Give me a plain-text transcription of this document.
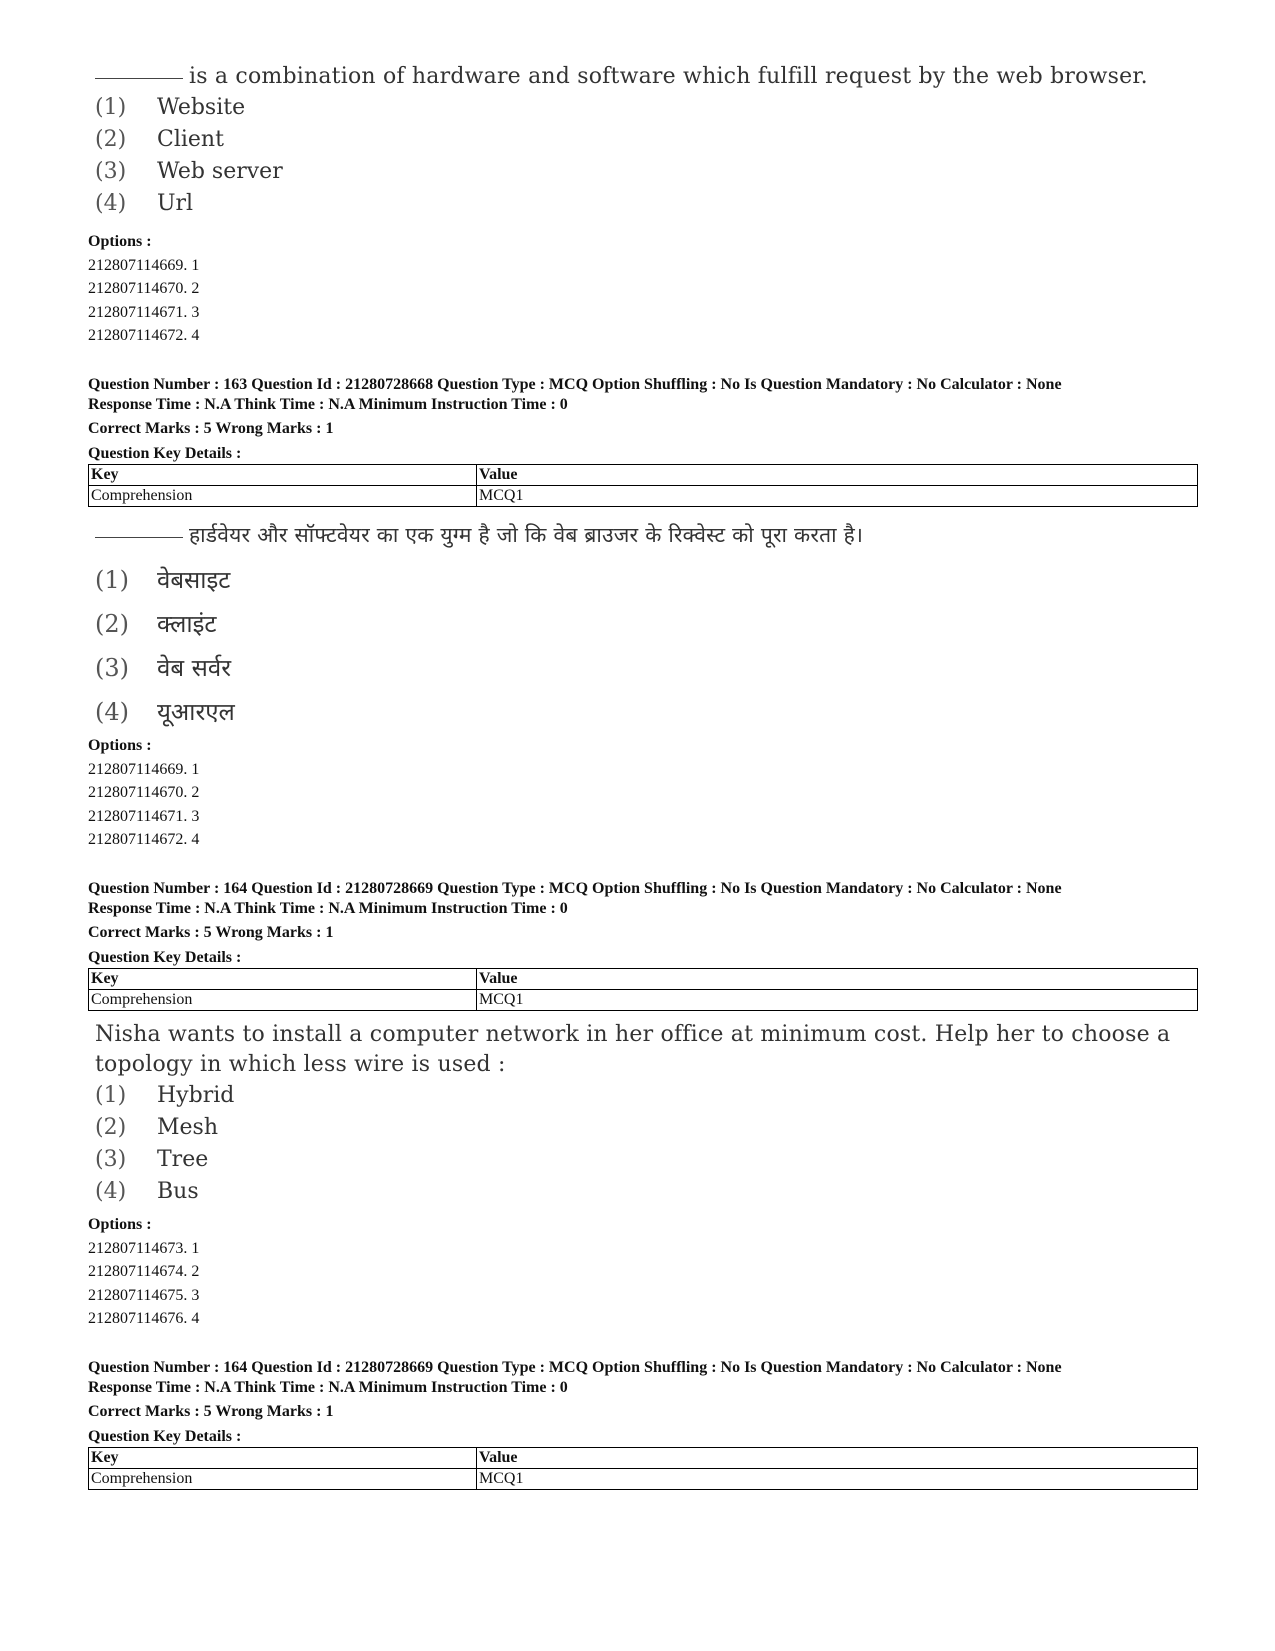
is a combination of hardware and software which fulfill request by the web browser.
(1)	Website
(2)	Client
(3)	Web server
(4)	Url
Options :
212807114669. 1
212807114670. 2
212807114671. 3
212807114672. 4
Question Number : 163 Question Id : 21280728668 Question Type : MCQ Option Shuffling : No Is Question Mandatory : No Calculator : None
Response Time : N.A Think Time : N.A Minimum Instruction Time : 0
Correct Marks : 5 Wrong Marks : 1
Question Key Details :
Key	Value
Comprehension	MCQ1
हार्डवेयर और सॉफ्टवेयर का एक युग्म है जो कि वेब ब्राउजर के रिक्वेस्ट को पूरा करता है।
(1)	वेबसाइट
(2)	क्लाइंट
(3)	वेब सर्वर
(4)	यूआरएल
Options :
212807114669. 1
212807114670. 2
212807114671. 3
212807114672. 4
Question Number : 164 Question Id : 21280728669 Question Type : MCQ Option Shuffling : No Is Question Mandatory : No Calculator : None
Response Time : N.A Think Time : N.A Minimum Instruction Time : 0
Correct Marks : 5 Wrong Marks : 1
Question Key Details :
Key	Value
Comprehension	MCQ1
Nisha wants to install a computer network in her office at minimum cost. Help her to choose a topology in which less wire is used :
(1)	Hybrid
(2)	Mesh
(3)	Tree
(4)	Bus
Options :
212807114673. 1
212807114674. 2
212807114675. 3
212807114676. 4
Question Number : 164 Question Id : 21280728669 Question Type : MCQ Option Shuffling : No Is Question Mandatory : No Calculator : None
Response Time : N.A Think Time : N.A Minimum Instruction Time : 0
Correct Marks : 5 Wrong Marks : 1
Question Key Details :
Key	Value
Comprehension	MCQ1
